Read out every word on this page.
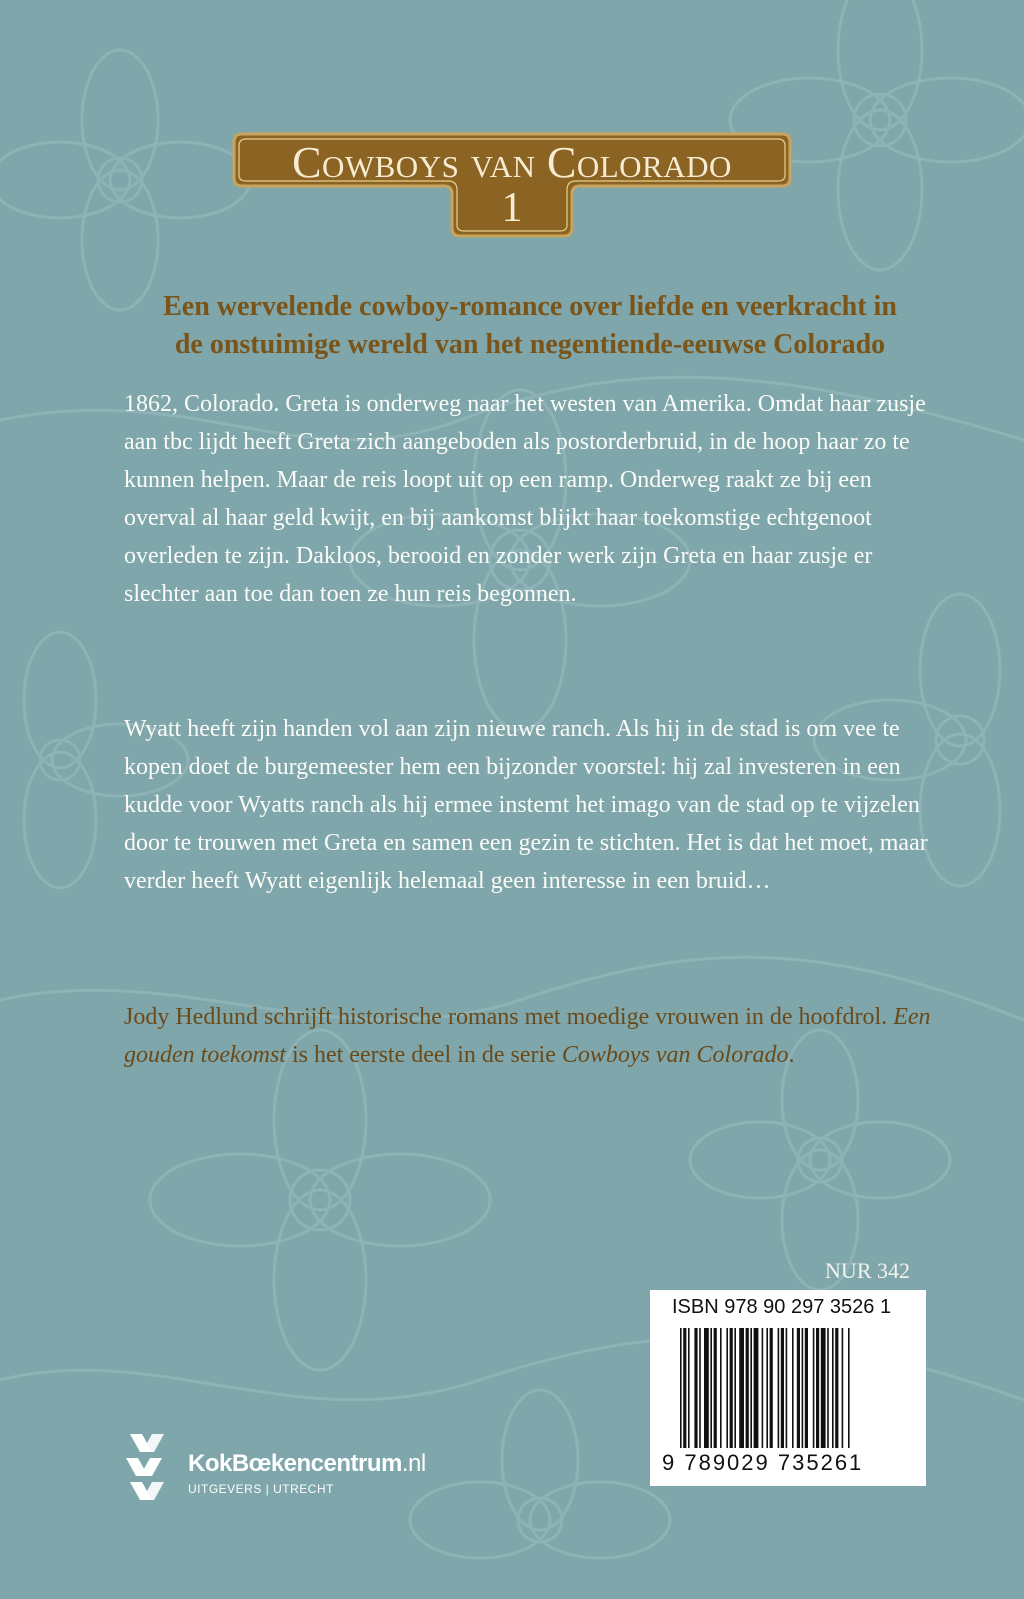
Cowboys van Colorado
1
Een wervelende cowboy-romance over liefde en veerkracht in
de onstuimige wereld van het negentiende-eeuwse Colorado
1862, Colorado. Greta is onderweg naar het westen van Amerika. Omdat haar zusje aan tbc lijdt heeft Greta zich aangeboden als postorderbruid, in de hoop haar zo te kunnen helpen. Maar de reis loopt uit op een ramp. Onderweg raakt ze bij een overval al haar geld kwijt, en bij aankomst blijkt haar toekomstige echtgenoot overleden te zijn. Dakloos, berooid en zonder werk zijn Greta en haar zusje er slechter aan toe dan toen ze hun reis begonnen.
Wyatt heeft zijn handen vol aan zijn nieuwe ranch. Als hij in de stad is om vee te kopen doet de burgemeester hem een bijzonder voorstel: hij zal investeren in een kudde voor Wyatts ranch als hij ermee instemt het imago van de stad op te vijzelen door te trouwen met Greta en samen een gezin te stichten. Het is dat het moet, maar verder heeft Wyatt eigenlijk helemaal geen interesse in een bruid…
Jody Hedlund schrijft historische romans met moedige vrouwen in de hoofdrol. Een gouden toekomst is het eerste deel in de serie Cowboys van Colorado.
NUR 342
ISBN 978 90 297 3526 1
9 789029 735261
KokBœkencentrum.nl
UITGEVERS | UTRECHT
